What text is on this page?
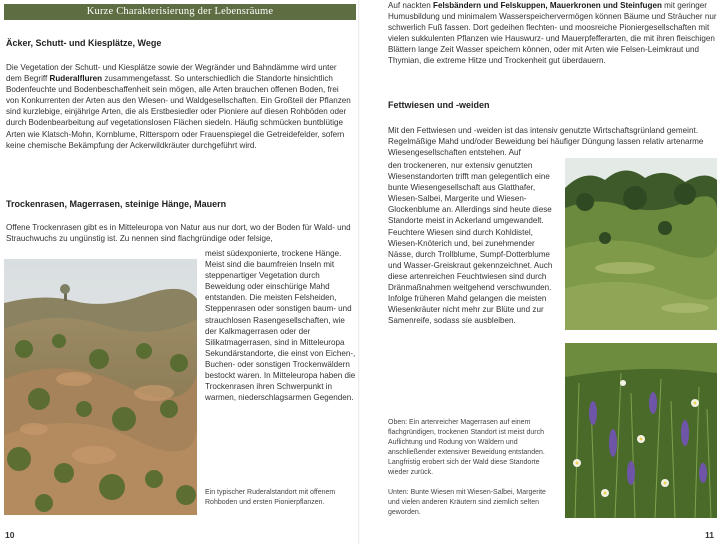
Kurze Charakterisierung der Lebensräume
Äcker, Schutt- und Kiesplätze, Wege
Die Vegetation der Schutt- und Kiesplätze sowie der Wegränder und Bahndämme wird unter dem Begriff Ruderalfluren zusammengefasst. So unterschiedlich die Standorte hinsichtlich Bodenfeuchte und Bodenbeschaffenheit sein mögen, alle Arten brauchen offenen Boden, frei von Konkurrenten der Arten aus den Wiesen- und Waldgesellschaften. Ein Großteil der Pflanzen sind kurzlebige, einjährige Arten, die als Erstbesiedler oder Pioniere auf diesen Rohböden oder durch Bodenbearbeitung auf vegetationslosen Flächen siedeln. Häufig schmücken buntblütige Arten wie Klatsch-Mohn, Kornblume, Rittersporn oder Frauenspiegel die Getreidefelder, sofern keine chemische Bekämpfung der Ackerwildkräuter durchgeführt wird.
Trockenrasen, Magerrasen, steinige Hänge, Mauern
Offene Trockenrasen gibt es in Mitteleuropa von Natur aus nur dort, wo der Boden für Wald- und Strauchwuchs zu ungünstig ist. Zu nennen sind flachgründige oder felsige,
meist südexponierte, trockene Hänge. Meist sind die baumfreien Inseln mit steppenartiger Vegetation durch Beweidung oder einschürige Mahd entstanden. Die meisten Felsheiden, Steppenrasen oder sonstigen baum- und strauchlosen Rasengesellschaften, wie der Kalkmagerrasen oder der Silikatmagerrasen, sind in Mitteleuropa Sekundärstandorte, die einst von Eichen-, Buchen- oder sonstigen Trockenwäldern bestockt waren. In Mitteleuropa haben die Trockenrasen ihren Schwerpunkt in warmen, niederschlagsarmen Gegenden.
Ein typischer Ruderalstandort mit offenem Rohboden und ersten Pionierpflanzen.
10
Auf nackten Felsbändern und Felskuppen, Mauerkronen und Steinfugen mit geringer Humusbildung und minimalem Wasserspeichervermögen können Bäume und Sträucher nur schwerlich Fuß fassen. Dort gedeihen flechten- und moosreiche Pioniergesellschaften mit vielen sukkulenten Pflanzen wie Hauswurz- und Mauerpfefferarten, die mit ihren fleischigen Blättern lange Zeit Wasser speichern können, oder mit Arten wie Felsen-Leimkraut und Thymian, die extreme Hitze und Trockenheit gut überdauern.
Fettwiesen und -weiden
Mit den Fettwiesen und -weiden ist das intensiv genutzte Wirtschaftsgrünland gemeint. Regelmäßige Mahd und/oder Beweidung bei häufiger Düngung lassen relativ artenarme Wiesengesellschaften entstehen. Auf
den trockeneren, nur extensiv genutzten Wiesenstandorten trifft man gelegentlich eine bunte Wiesengesellschaft aus Glatthafer, Wiesen-Salbei, Margerite und Wiesen-Glockenblume an. Allerdings sind heute diese Standorte meist in Ackerland umgewandelt. Feuchtere Wiesen sind durch Kohldistel, Wiesen-Knöterich und, bei zunehmender Nässe, durch Trollblume, Sumpf-Dotterblume und Wasser-Greiskraut gekennzeichnet. Auch diese artenreichen Feuchtwiesen sind durch Dränmaßnahmen weitgehend verschwunden. Infolge früheren Mahd gelangen die meisten Wiesenkräuter nicht mehr zur Blüte und zur Samenreife, sodass sie ausbleiben.
Oben: Ein artenreicher Magerrasen auf einem flachgründigen, trockenen Standort ist meist durch Auflichtung und Rodung von Wäldern und anschließender extensiver Beweidung entstanden. Langfristig erobert sich der Wald diese Standorte wieder zurück.
Unten: Bunte Wiesen mit Wiesen-Salbei, Margerite und vielen anderen Kräutern sind ziemlich selten geworden.
11
